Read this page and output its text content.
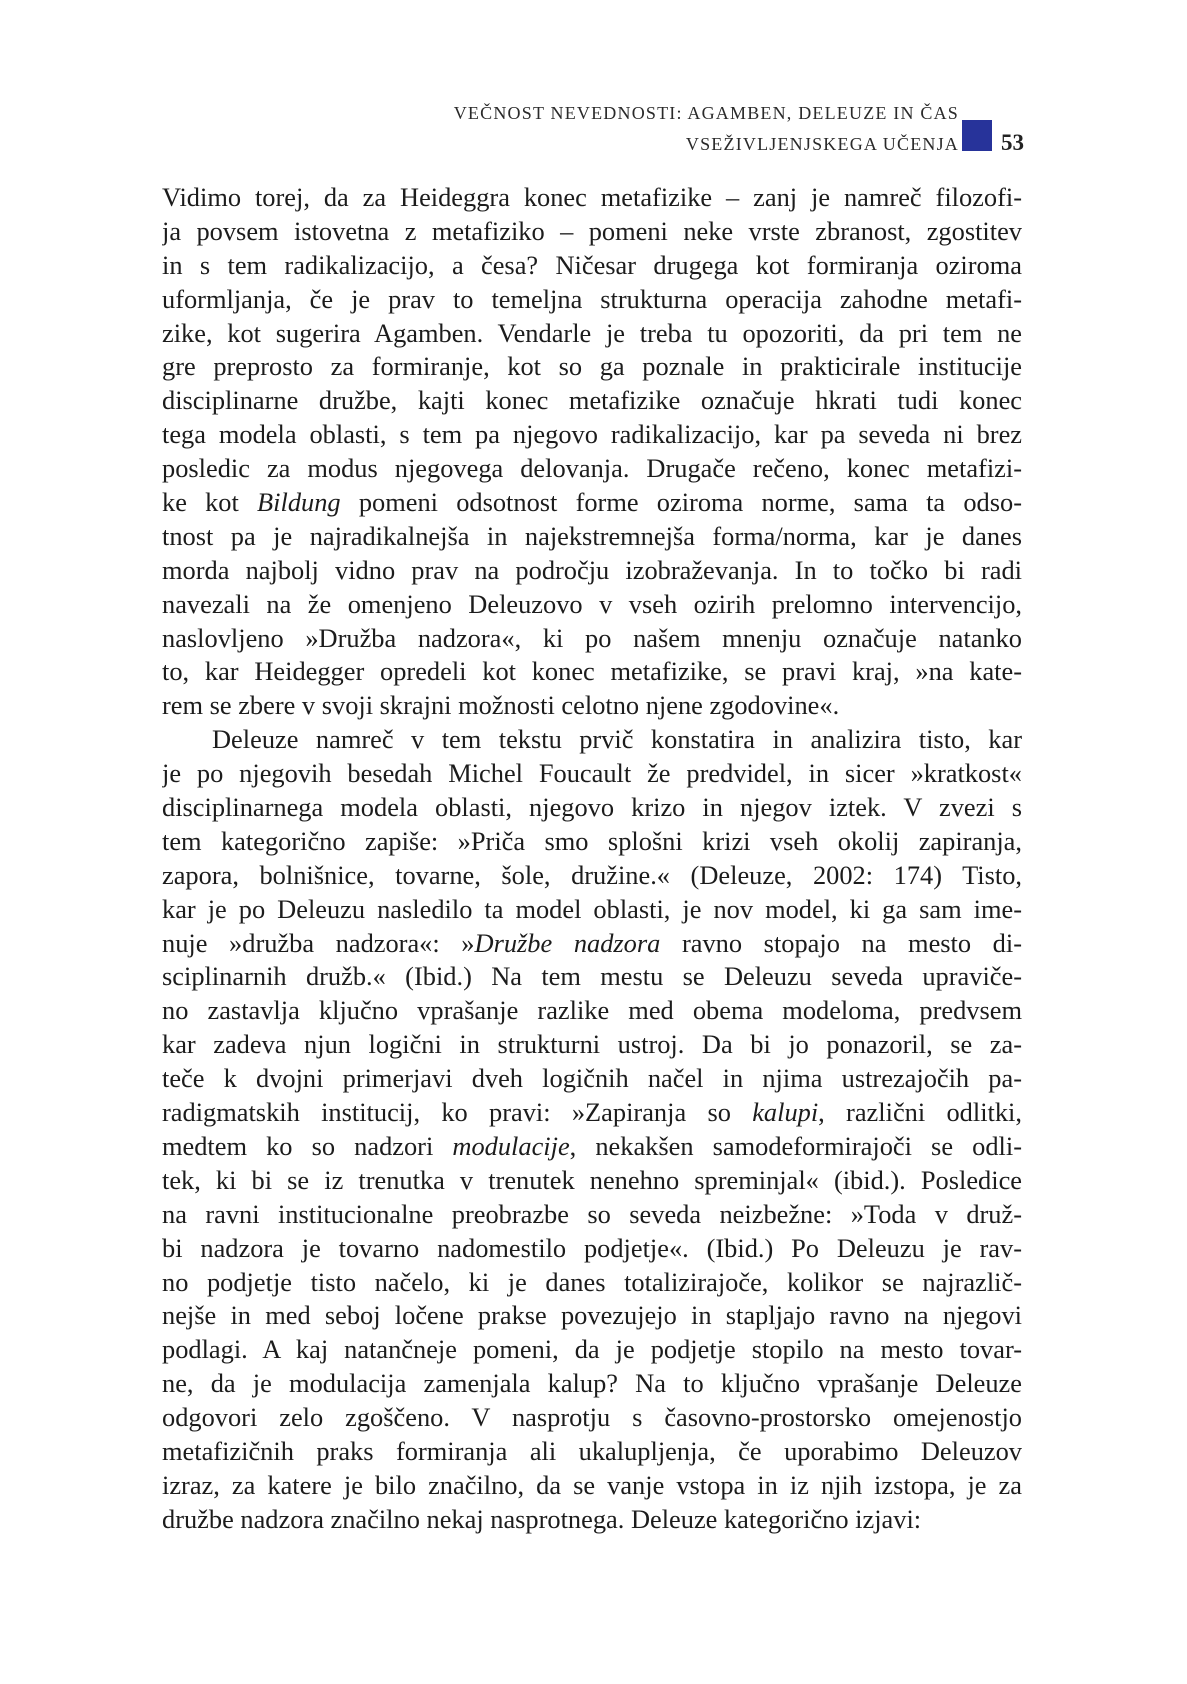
VEČNOST NEVEDNOSTI: AGAMBEN, DELEUZE IN ČAS
VSEŽIVLJENJSKEGA UČENJA 53
Vidimo torej, da za Heideggra konec metafizike – zanj je namreč filozofi-
ja povsem istovetna z metafiziko – pomeni neke vrste zbranost, zgostitev
in s tem radikalizacijo, a česa? Ničesar drugega kot formiranja oziroma
uformljanja, če je prav to temeljna strukturna operacija zahodne metafi-
zike, kot sugerira Agamben. Vendarle je treba tu opozoriti, da pri tem ne
gre preprosto za formiranje, kot so ga poznale in prakticirale institucije
disciplinarne družbe, kajti konec metafizike označuje hkrati tudi konec
tega modela oblasti, s tem pa njegovo radikalizacijo, kar pa seveda ni brez
posledic za modus njegovega delovanja. Drugače rečeno, konec metafizi-
ke kot Bildung pomeni odsotnost forme oziroma norme, sama ta odso-
tnost pa je najradikalnejša in najekstremnejša forma/norma, kar je danes
morda najbolj vidno prav na področju izobraževanja. In to točko bi radi
navezali na že omenjeno Deleuzovo v vseh ozirih prelomno intervencijo,
naslovljeno »Družba nadzora«, ki po našem mnenju označuje natanko
to, kar Heidegger opredeli kot konec metafizike, se pravi kraj, »na kate-
rem se zbere v svoji skrajni možnosti celotno njene zgodovine«.
Deleuze namreč v tem tekstu prvič konstatira in analizira tisto, kar
je po njegovih besedah Michel Foucault že predvidel, in sicer »kratkost«
disciplinarnega modela oblasti, njegovo krizo in njegov iztek. V zvezi s
tem kategorično zapiše: »Priča smo splošni krizi vseh okolij zapiranja,
zapora, bolnišnice, tovarne, šole, družine.« (Deleuze, 2002: 174) Tisto,
kar je po Deleuzu nasledilo ta model oblasti, je nov model, ki ga sam ime-
nuje »družba nadzora«: »Družbe nadzora ravno stopajo na mesto di-
sciplinarnih družb.« (Ibid.) Na tem mestu se Deleuzu seveda upraviče-
no zastavlja ključno vprašanje razlike med obema modeloma, predvsem
kar zadeva njun logični in strukturni ustroj. Da bi jo ponazoril, se za-
teče k dvojni primerjavi dveh logičnih načel in njima ustrezajočih pa-
radigmatskih institucij, ko pravi: »Zapiranja so kalupi, različni odlitki,
medtem ko so nadzori modulacije, nekakšen samodeformirajoči se odli-
tek, ki bi se iz trenutka v trenutek nenehno spreminjal« (ibid.). Posledice
na ravni institucionalne preobrazbe so seveda neizbežne: »Toda v druž-
bi nadzora je tovarno nadomestilo podjetje«. (Ibid.) Po Deleuzu je rav-
no podjetje tisto načelo, ki je danes totalizirajoče, kolikor se najrazlič-
nejše in med seboj ločene prakse povezujejo in stapljajo ravno na njegovi
podlagi. A kaj natančneje pomeni, da je podjetje stopilo na mesto tovar-
ne, da je modulacija zamenjala kalup? Na to ključno vprašanje Deleuze
odgovori zelo zgoščeno. V nasprotju s časovno-prostorsko omejenostjo
metafizičnih praks formiranja ali ukalupljenja, če uporabimo Deleuzov
izraz, za katere je bilo značilno, da se vanje vstopa in iz njih izstopa, je za
družbe nadzora značilno nekaj nasprotnega. Deleuze kategorično izjavi:
